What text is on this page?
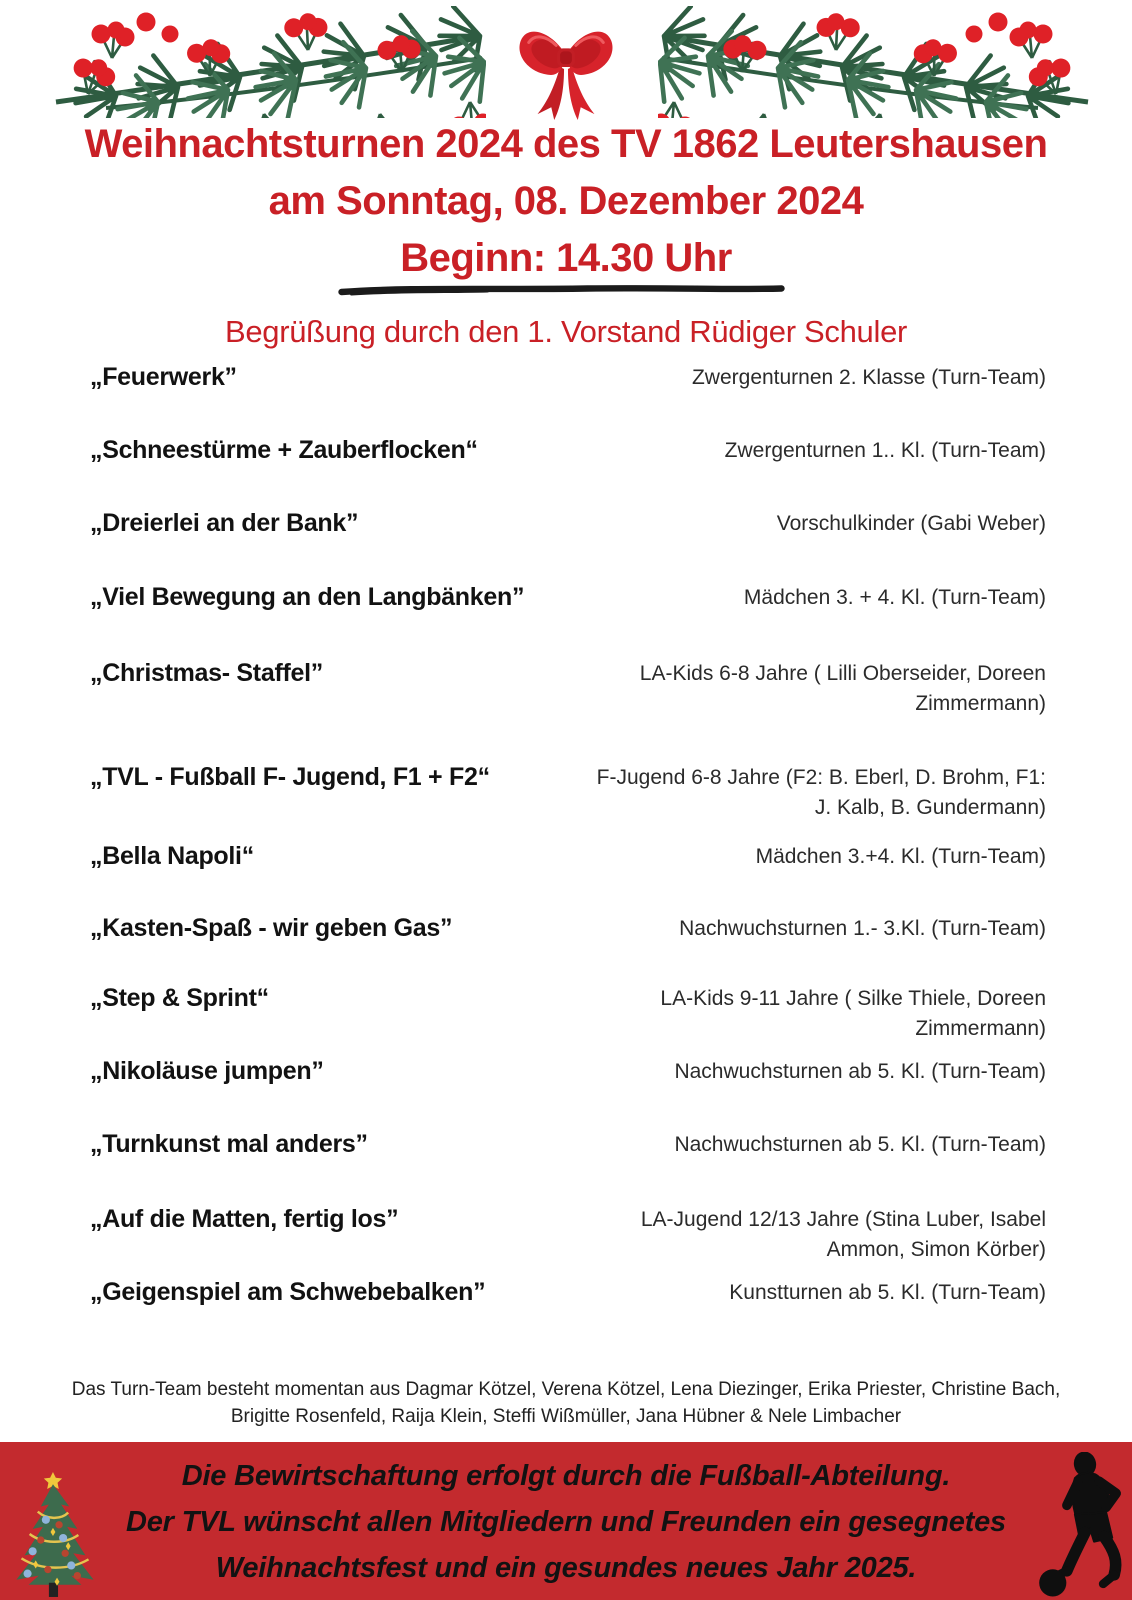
Weihnachtsturnen 2024 des TV 1862 Leutershausen
am Sonntag, 08. Dezember 2024
Beginn: 14.30 Uhr
Begrüßung durch den 1. Vorstand Rüdiger Schuler
„Feuerwerk”	Zwergenturnen 2. Klasse (Turn-Team)
„Schneestürme + Zauberflocken“	Zwergenturnen 1.. Kl. (Turn-Team)
„Dreierlei an der Bank”	Vorschulkinder (Gabi Weber)
„Viel Bewegung an den Langbänken”	Mädchen 3. + 4. Kl. (Turn-Team)
„Christmas- Staffel”	LA-Kids 6-8 Jahre ( Lilli Oberseider, Doreen Zimmermann)
„TVL - Fußball F- Jugend, F1 + F2“	F-Jugend 6-8 Jahre (F2: B. Eberl, D. Brohm, F1: J. Kalb, B. Gundermann)
„Bella Napoli“	Mädchen 3.+4. Kl. (Turn-Team)
„Kasten-Spaß - wir geben Gas”	Nachwuchsturnen 1.- 3.Kl. (Turn-Team)
„Step & Sprint“	LA-Kids 9-11 Jahre ( Silke Thiele, Doreen Zimmermann)
„Nikoläuse jumpen”	Nachwuchsturnen ab 5. Kl. (Turn-Team)
„Turnkunst mal anders”	Nachwuchsturnen ab 5. Kl. (Turn-Team)
„Auf die Matten, fertig los”	LA-Jugend 12/13 Jahre (Stina Luber, Isabel Ammon, Simon Körber)
„Geigenspiel am Schwebebalken”	Kunstturnen ab 5. Kl. (Turn-Team)
Das Turn-Team besteht momentan aus Dagmar Kötzel, Verena Kötzel, Lena Diezinger, Erika Priester, Christine Bach, Brigitte Rosenfeld, Raija Klein, Steffi Wißmüller, Jana Hübner & Nele Limbacher
Die Bewirtschaftung erfolgt durch die Fußball-Abteilung.
Der TVL wünscht allen Mitgliedern und Freunden ein gesegnetes
Weihnachtsfest und ein gesundes neues Jahr 2025.
